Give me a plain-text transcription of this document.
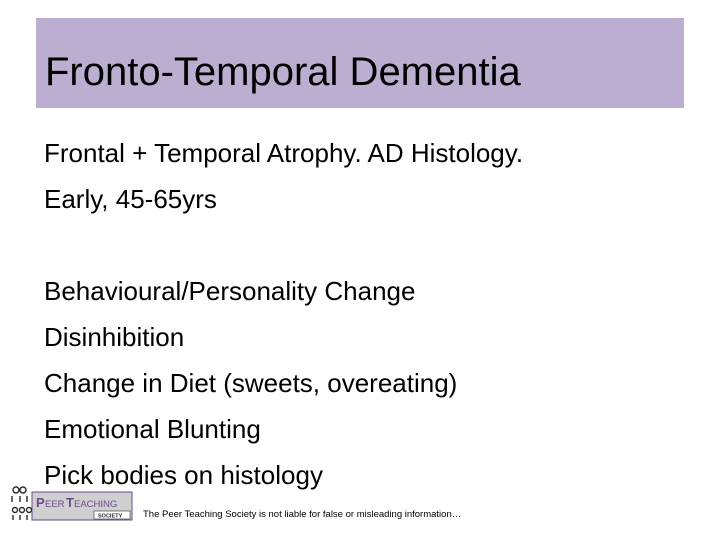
Fronto-Temporal Dementia
Frontal + Temporal Atrophy. AD Histology.
Early, 45-65yrs
Behavioural/Personality Change
Disinhibition
Change in Diet (sweets, overeating)
Emotional Blunting
Pick bodies on histology
P EER T EACHING
SOCIETY The Peer Teaching Society is not liable for false or misleading information…
